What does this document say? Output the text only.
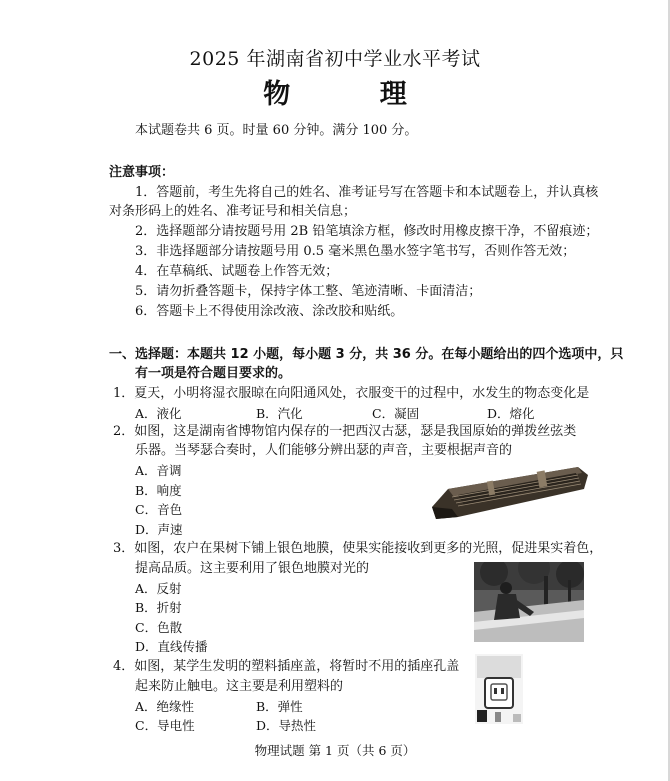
2025 年湖南省初中学业水平考试
物 理
本试题卷共 6 页。时量 60 分钟。满分 100 分。
注意事项：
1．答题前，考生先将自己的姓名、准考证号写在答题卡和本试题卷上，并认真核
对条形码上的姓名、准考证号和相关信息；
2．选择题部分请按题号用 2B 铅笔填涂方框，修改时用橡皮擦干净，不留痕迹；
3．非选择题部分请按题号用 0.5 毫米黑色墨水签字笔书写，否则作答无效；
4．在草稿纸、试题卷上作答无效；
5．请勿折叠答题卡，保持字体工整、笔迹清晰、卡面清洁；
6．答题卡上不得使用涂改液、涂改胶和贴纸。
一、选择题：本题共 12 小题，每小题 3 分，共 36 分。在每小题给出的四个选项中，只
有一项是符合题目要求的。
1．夏天，小明将湿衣服晾在向阳通风处，衣服变干的过程中，水发生的物态变化是
A．液化	B．汽化	C．凝固	D．熔化
2．如图，这是湖南省博物馆内保存的一把西汉古瑟，瑟是我国原始的弹拨丝弦类
乐器。当琴瑟合奏时，人们能够分辨出瑟的声音，主要根据声音的
A．音调
B．响度
C．音色
D．声速
3．如图，农户在果树下铺上银色地膜，使果实能接收到更多的光照，促进果实着色，
提高品质。这主要利用了银色地膜对光的
A．反射
B．折射
C．色散
D．直线传播
4．如图，某学生发明的塑料插座盖，将暂时不用的插座孔盖
起来防止触电。这主要是利用塑料的
A．绝缘性	B．弹性
C．导电性	D．导热性
物理试题 第 1 页（共 6 页）
